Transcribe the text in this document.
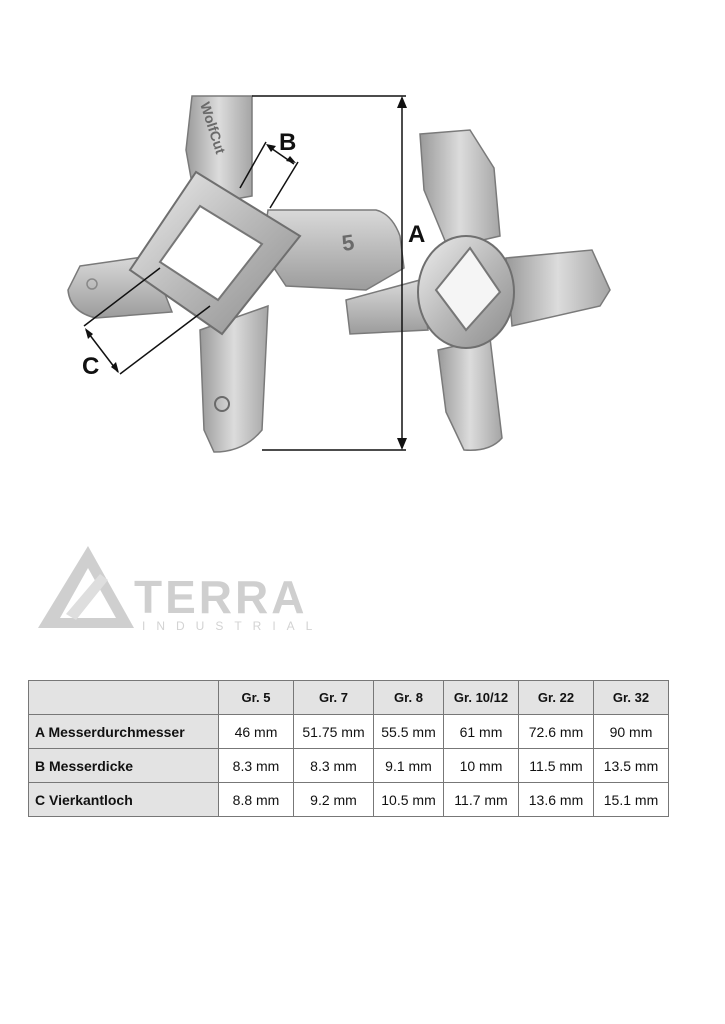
WolfCut
5 A
B
C
TERRA
INDUSTRIAL
	Gr. 5	Gr. 7	Gr. 8	Gr. 10/12	Gr. 22	Gr. 32
A Messerdurchmesser	46 mm	51.75 mm	55.5 mm	61 mm	72.6 mm	90 mm
B Messerdicke	8.3 mm	8.3 mm	9.1 mm	10 mm	11.5 mm	13.5 mm
C Vierkantloch	8.8 mm	9.2 mm	10.5 mm	11.7 mm	13.6 mm	15.1 mm
